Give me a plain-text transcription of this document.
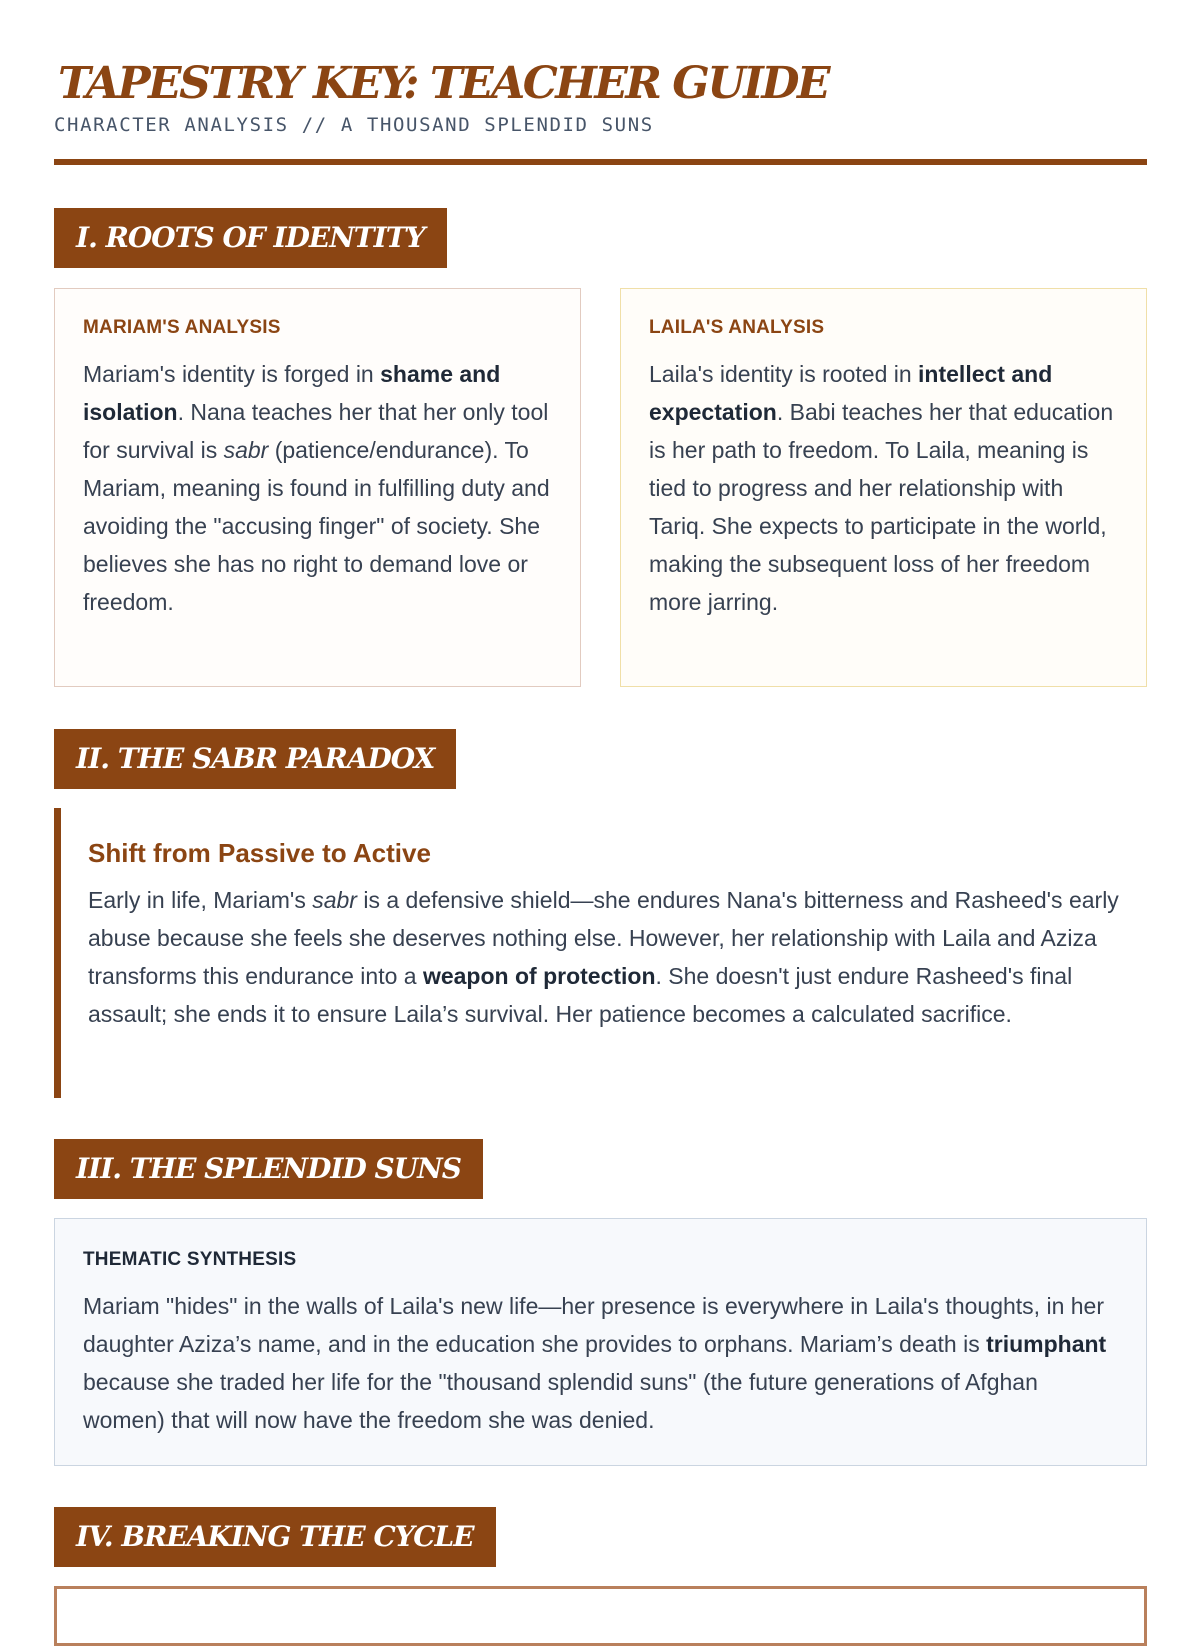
TAPESTRY KEY: TEACHER GUIDE
CHARACTER ANALYSIS // A THOUSAND SPLENDID SUNS
I. ROOTS OF IDENTITY
MARIAM'S ANALYSIS
Mariam's identity is forged in shame and isolation. Nana teaches her that her only tool for survival is sabr (patience/endurance). To Mariam, meaning is found in fulfilling duty and avoiding the "accusing finger" of society. She believes she has no right to demand love or freedom.
LAILA'S ANALYSIS
Laila's identity is rooted in intellect and expectation. Babi teaches her that education is her path to freedom. To Laila, meaning is tied to progress and her relationship with Tariq. She expects to participate in the world, making the subsequent loss of her freedom more jarring.
II. THE SABR PARADOX
Shift from Passive to Active
Early in life, Mariam's sabr is a defensive shield—she endures Nana's bitterness and Rasheed's early abuse because she feels she deserves nothing else. However, her relationship with Laila and Aziza transforms this endurance into a weapon of protection. She doesn't just endure Rasheed's final assault; she ends it to ensure Laila’s survival. Her patience becomes a calculated sacrifice.
III. THE SPLENDID SUNS
THEMATIC SYNTHESIS
Mariam "hides" in the walls of Laila's new life—her presence is everywhere in Laila's thoughts, in her daughter Aziza’s name, and in the education she provides to orphans. Mariam’s death is triumphant because she traded her life for the "thousand splendid suns" (the future generations of Afghan women) that will now have the freedom she was denied.
IV. BREAKING THE CYCLE
